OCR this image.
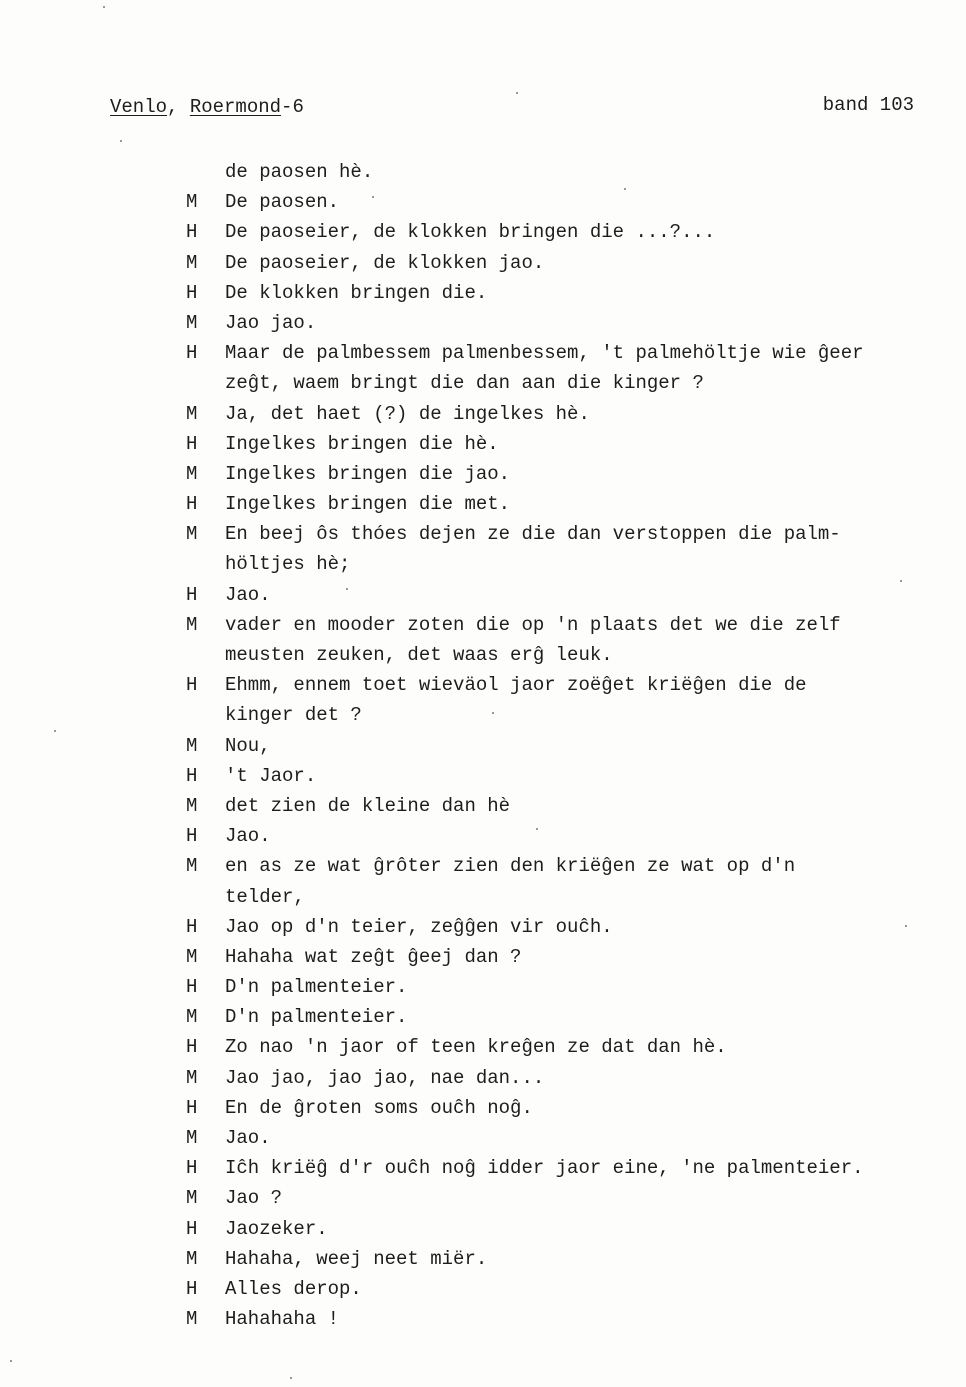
Venlo, Roermond-6	band 103
de paosen hè.
M	De paosen.
H	De paoseier, de klokken bringen die ...?...
M	De paoseier, de klokken jao.
H	De klokken bringen die.
M	Jao jao.
H	Maar de palmbessem palmenbessem, 't palmehöltje wie ĝeer
zeĝt, waem bringt die dan aan die kinger ?
M	Ja, det haet (?) de ingelkes hè.
H	Ingelkes bringen die hè.
M	Ingelkes bringen die jao.
H	Ingelkes bringen die met.
M	En beej ôs thóes dejen ze die dan verstoppen die palm-
höltjes hè;
H	Jao.
M	vader en mooder zoten die op 'n plaats det we die zelf
meusten zeuken, det waas erĝ leuk.
H	Ehmm, ennem toet wieväol jaor zoëĝet kriëĝen die de
kinger det ?
M	Nou,
H	't Jaor.
M	det zien de kleine dan hè
H	Jao.
M	en as ze wat ĝrôter zien den kriëĝen ze wat op d'n
telder,
H	Jao op d'n teier, zeĝĝen vir ouĉh.
M	Hahaha wat zeĝt ĝeej dan ?
H	D'n palmenteier.
M	D'n palmenteier.
H	Zo nao 'n jaor of teen kreĝen ze dat dan hè.
M	Jao jao, jao jao, nae dan...
H	En de ĝroten soms ouĉh noĝ.
M	Jao.
H	Iĉh kriëĝ d'r ouĉh noĝ idder jaor eine, 'ne palmenteier.
M	Jao ?
H	Jaozeker.
M	Hahaha, weej neet miër.
H	Alles derop.
M	Hahahaha !
